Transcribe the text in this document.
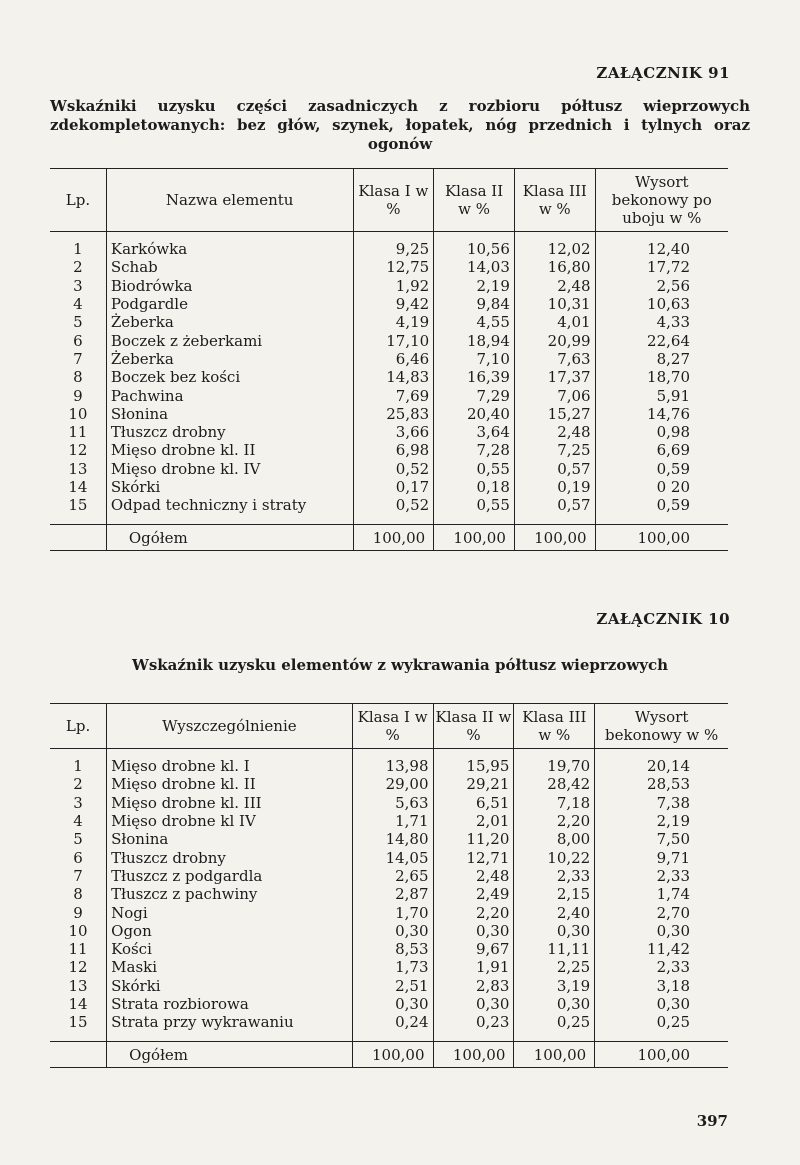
ZAŁĄCZNIK 91
Wskaźniki uzysku części zasadniczych z rozbioru półtusz wieprzowych zdekompletowanych: bez głów, szynek, łopatek, nóg przednich i tylnych oraz ogonów
Lp.	Nazwa elementu	Klasa I w %	Klasa II w %	Klasa III w %	Wysort bekonowy po uboju w %
1	Karkówka	9,25	10,56	12,02	12,40
2	Schab	12,75	14,03	16,80	17,72
3	Biodrówka	1,92	2,19	2,48	2,56
4	Podgardle	9,42	9,84	10,31	10,63
5	Żeberka	4,19	4,55	4,01	4,33
6	Boczek z żeberkami	17,10	18,94	20,99	22,64
7	Żeberka	6,46	7,10	7,63	8,27
8	Boczek bez kości	14,83	16,39	17,37	18,70
9	Pachwina	7,69	7,29	7,06	5,91
10	Słonina	25,83	20,40	15,27	14,76
11	Tłuszcz drobny	3,66	3,64	2,48	0,98
12	Mięso drobne kl. II	6,98	7,28	7,25	6,69
13	Mięso drobne kl. IV	0,52	0,55	0,57	0,59
14	Skórki	0,17	0,18	0,19	0 20
15	Odpad techniczny i straty	0,52	0,55	0,57	0,59
	Ogółem	100,00	100,00	100,00	100,00
ZAŁĄCZNIK 10
Wskaźnik uzysku elementów z wykrawania półtusz wieprzowych
Lp.	Wyszczególnienie	Klasa I w %	Klasa II w %	Klasa III w %	Wysort bekonowy w %
1	Mięso drobne kl. I	13,98	15,95	19,70	20,14
2	Mięso drobne kl. II	29,00	29,21	28,42	28,53
3	Mięso drobne kl. III	5,63	6,51	7,18	7,38
4	Mięso drobne kl IV	1,71	2,01	2,20	2,19
5	Słonina	14,80	11,20	8,00	7,50
6	Tłuszcz drobny	14,05	12,71	10,22	9,71
7	Tłuszcz z podgardla	2,65	2,48	2,33	2,33
8	Tłuszcz z pachwiny	2,87	2,49	2,15	1,74
9	Nogi	1,70	2,20	2,40	2,70
10	Ogon	0,30	0,30	0,30	0,30
11	Kości	8,53	9,67	11,11	11,42
12	Maski	1,73	1,91	2,25	2,33
13	Skórki	2,51	2,83	3,19	3,18
14	Strata rozbiorowa	0,30	0,30	0,30	0,30
15	Strata przy wykrawaniu	0,24	0,23	0,25	0,25
	Ogółem	100,00	100,00	100,00	100,00
397
